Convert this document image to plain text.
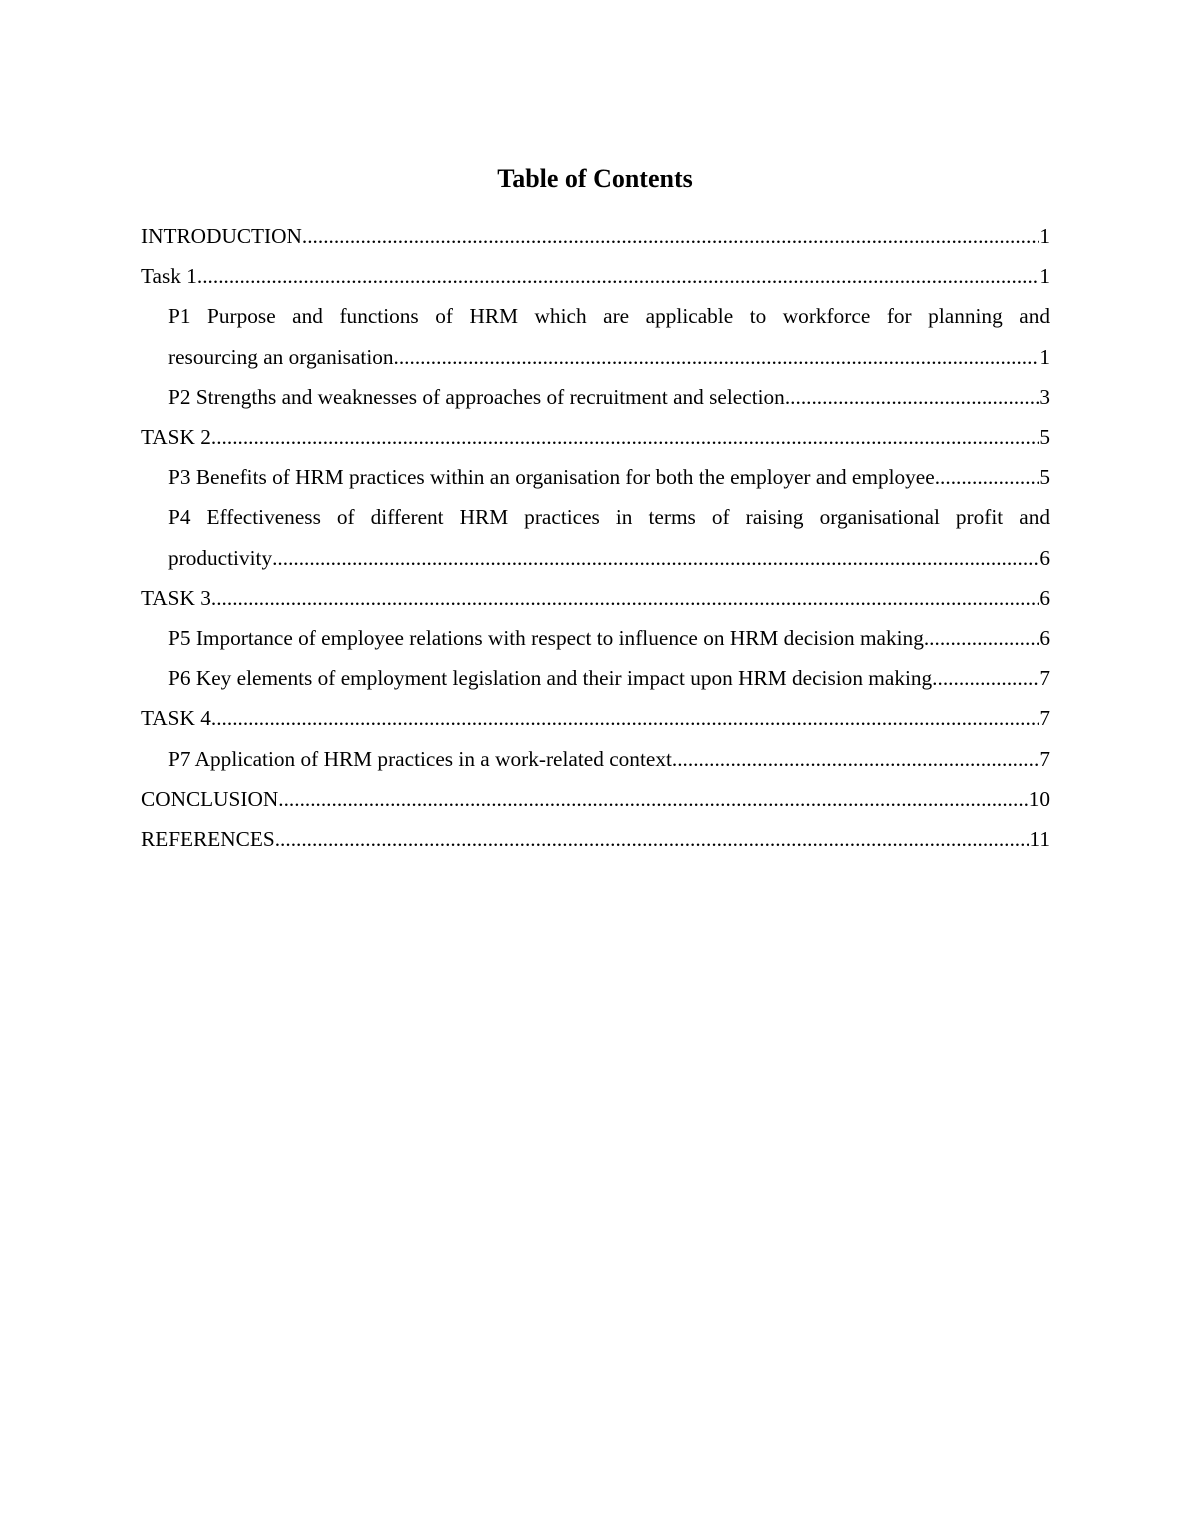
Table of Contents
INTRODUCTION .....	1
Task 1 .....	1
P1 Purpose and functions of HRM which are applicable to workforce for planning and
resourcing an organisation .....	1
P2 Strengths and weaknesses of approaches of recruitment and selection .....	3
TASK 2 .....	5
P3 Benefits of HRM practices within an organisation for both the employer and employee .....	5
P4 Effectiveness of different HRM practices in terms of raising organisational profit and
productivity .....	6
TASK 3 .....	6
P5 Importance of employee relations with respect to influence on HRM decision making .....	6
P6 Key elements of employment legislation and their impact upon HRM decision making. .....	7
TASK 4 .....	7
P7 Application of HRM practices in a work-related context .....	7
CONCLUSION .....	10
REFERENCES .....	11
